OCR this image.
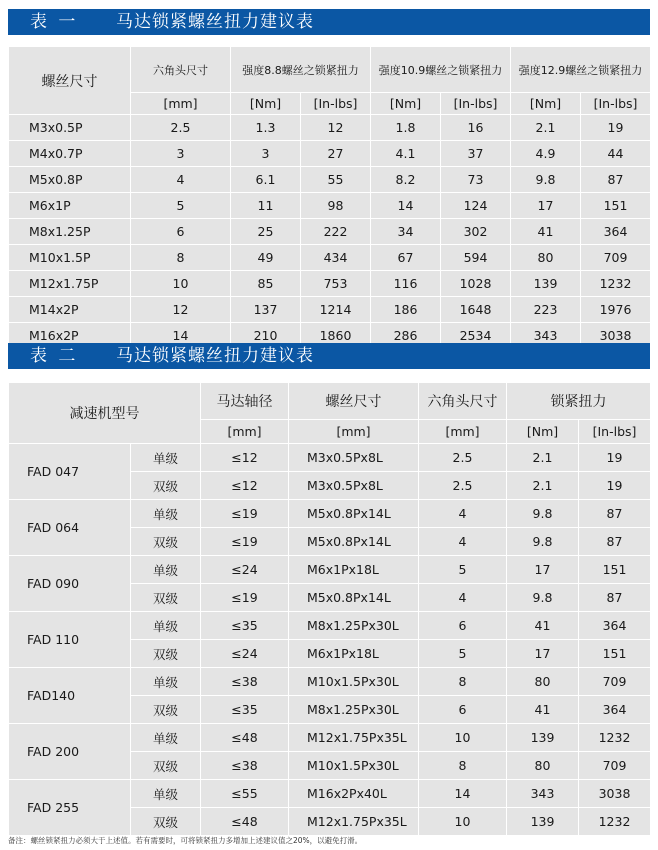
表 一 马达锁紧螺丝扭力建议表
螺丝尺寸	六角头尺寸	强度8.8螺丝之锁紧扭力		强度10.9螺丝之锁紧扭力		强度12.9螺丝之锁紧扭力	
	[mm]	[Nm]	[In-lbs]	[Nm]	[In-lbs]	[Nm]	[In-lbs]
M3x0.5P	2.5	1.3	12	1.8	16	2.1	19
M4x0.7P	3	3	27	4.1	37	4.9	44
M5x0.8P	4	6.1	55	8.2	73	9.8	87
M6x1P	5	11	98	14	124	17	151
M8x1.25P	6	25	222	34	302	41	364
M10x1.5P	8	49	434	67	594	80	709
M12x1.75P	10	85	753	116	1028	139	1232
M14x2P	12	137	1214	186	1648	223	1976
M16x2P	14	210	1860	286	2534	343	3038
表 二 马达锁紧螺丝扭力建议表
减速机型号		马达轴径	螺丝尺寸	六角头尺寸	锁紧扭力	
		[mm]	[mm]	[mm]	[Nm]	[In-lbs]
FAD 047	单级	≤12	M3x0.5Px8L	2.5	2.1	19
	双级	≤12	M3x0.5Px8L	2.5	2.1	19
FAD 064	单级	≤19	M5x0.8Px14L	4	9.8	87
	双级	≤19	M5x0.8Px14L	4	9.8	87
FAD 090	单级	≤24	M6x1Px18L	5	17	151
	双级	≤19	M5x0.8Px14L	4	9.8	87
FAD 110	单级	≤35	M8x1.25Px30L	6	41	364
	双级	≤24	M6x1Px18L	5	17	151
FAD140	单级	≤38	M10x1.5Px30L	8	80	709
	双级	≤35	M8x1.25Px30L	6	41	364
FAD 200	单级	≤48	M12x1.75Px35L	10	139	1232
	双级	≤38	M10x1.5Px30L	8	80	709
FAD 255	单级	≤55	M16x2Px40L	14	343	3038
	双级	≤48	M12x1.75Px35L	10	139	1232
备注：螺丝锁紧扭力必须大于上述值。若有需要时，可将锁紧扭力多增加上述建议值之20%，以避免打滑。
